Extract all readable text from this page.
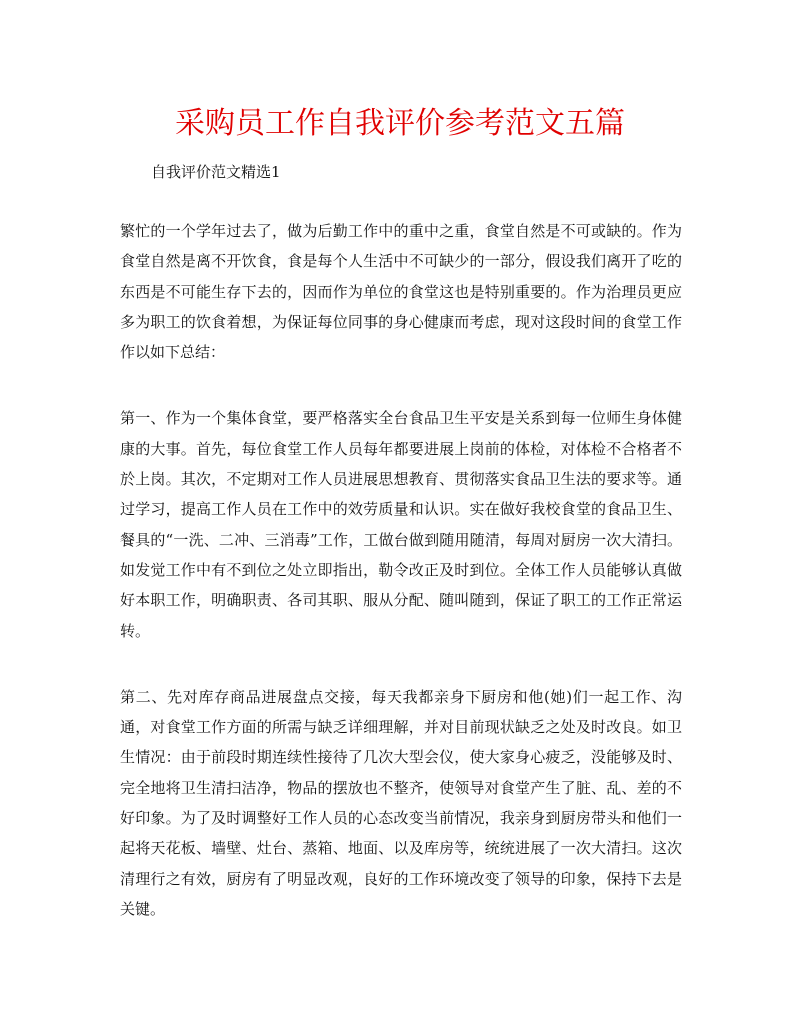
采购员工作自我评价参考范文五篇

自我评价范文精选1

繁忙的一个学年过去了，做为后勤工作中的重中之重，食堂自然是不可或缺的。作为食堂自然是离不开饮食，食是每个人生活中不可缺少的一部分，假设我们离开了吃的东西是不可能生存下去的，因而作为单位的食堂这也是特别重要的。作为治理员更应多为职工的饮食着想，为保证每位同事的身心健康而考虑，现对这段时间的食堂工作作以如下总结：

第一、作为一个集体食堂，要严格落实全台食品卫生平安是关系到每一位师生身体健康的大事。首先，每位食堂工作人员每年都要进展上岗前的体检，对体检不合格者不於上岗。其次，不定期对工作人员进展思想教育、贯彻落实食品卫生法的要求等。通过学习，提高工作人员在工作中的效劳质量和认识。实在做好我校食堂的食品卫生、餐具的“一洗、二冲、三消毒”工作，工做台做到随用随清，每周对厨房一次大清扫。如发觉工作中有不到位之处立即指出，勒令改正及时到位。全体工作人员能够认真做好本职工作，明确职责、各司其职、服从分配、随叫随到，保证了职工的工作正常运转。

第二、先对库存商品进展盘点交接，每天我都亲身下厨房和他(她)们一起工作、沟通，对食堂工作方面的所需与缺乏详细理解，并对目前现状缺乏之处及时改良。如卫生情况：由于前段时期连续性接待了几次大型会仪，使大家身心疲乏，没能够及时、完全地将卫生清扫洁净，物品的摆放也不整齐，使领导对食堂产生了脏、乱、差的不好印象。为了及时调整好工作人员的心态改变当前情况，我亲身到厨房带头和他们一起将天花板、墙壁、灶台、蒸箱、地面、以及库房等，统统进展了一次大清扫。这次清理行之有效，厨房有了明显改观，良好的工作环境改变了领导的印象，保持下去是关键。
